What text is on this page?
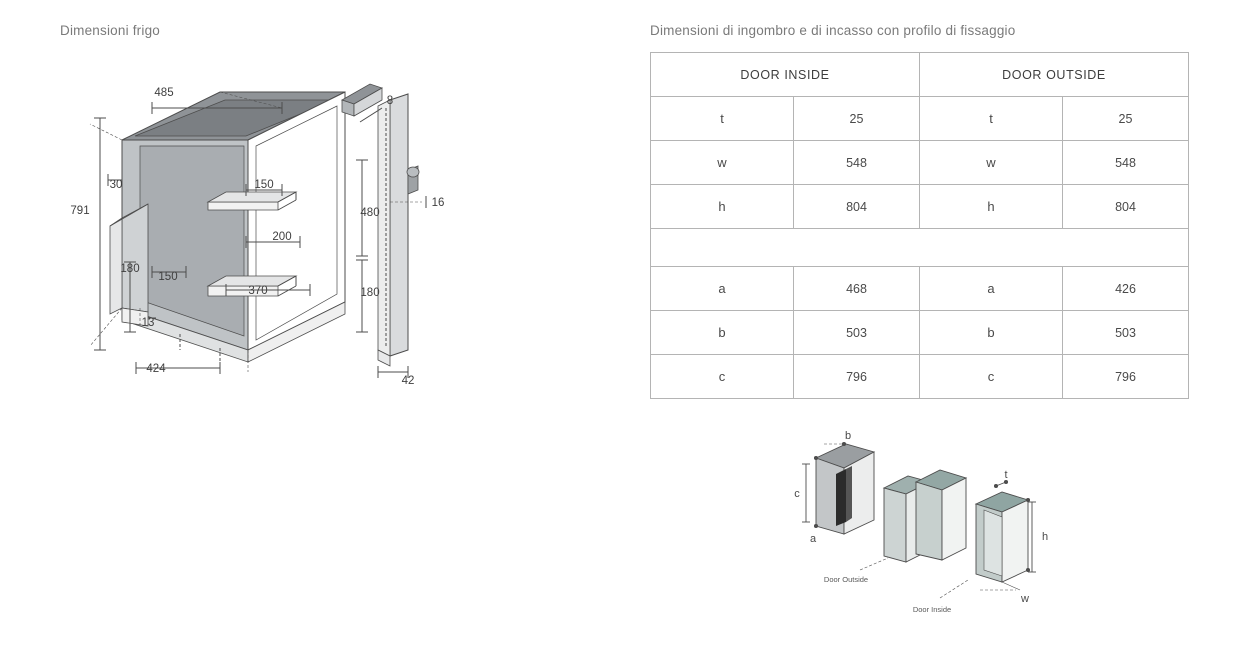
Dimensioni frigo	Dimensioni di ingombro e di incasso con profilo di fissaggio
485
791
424
30
180
150
13
150
200
370
8
16
480
180
42
DOOR INSIDE		DOOR OUTSIDE	
t	25	t	25
w	548	w	548
h	804	h	804

a	468	a	426
b	503	b	503
c	796	c	796
b
c
a
t
h
w
Door Outside
Door Inside
